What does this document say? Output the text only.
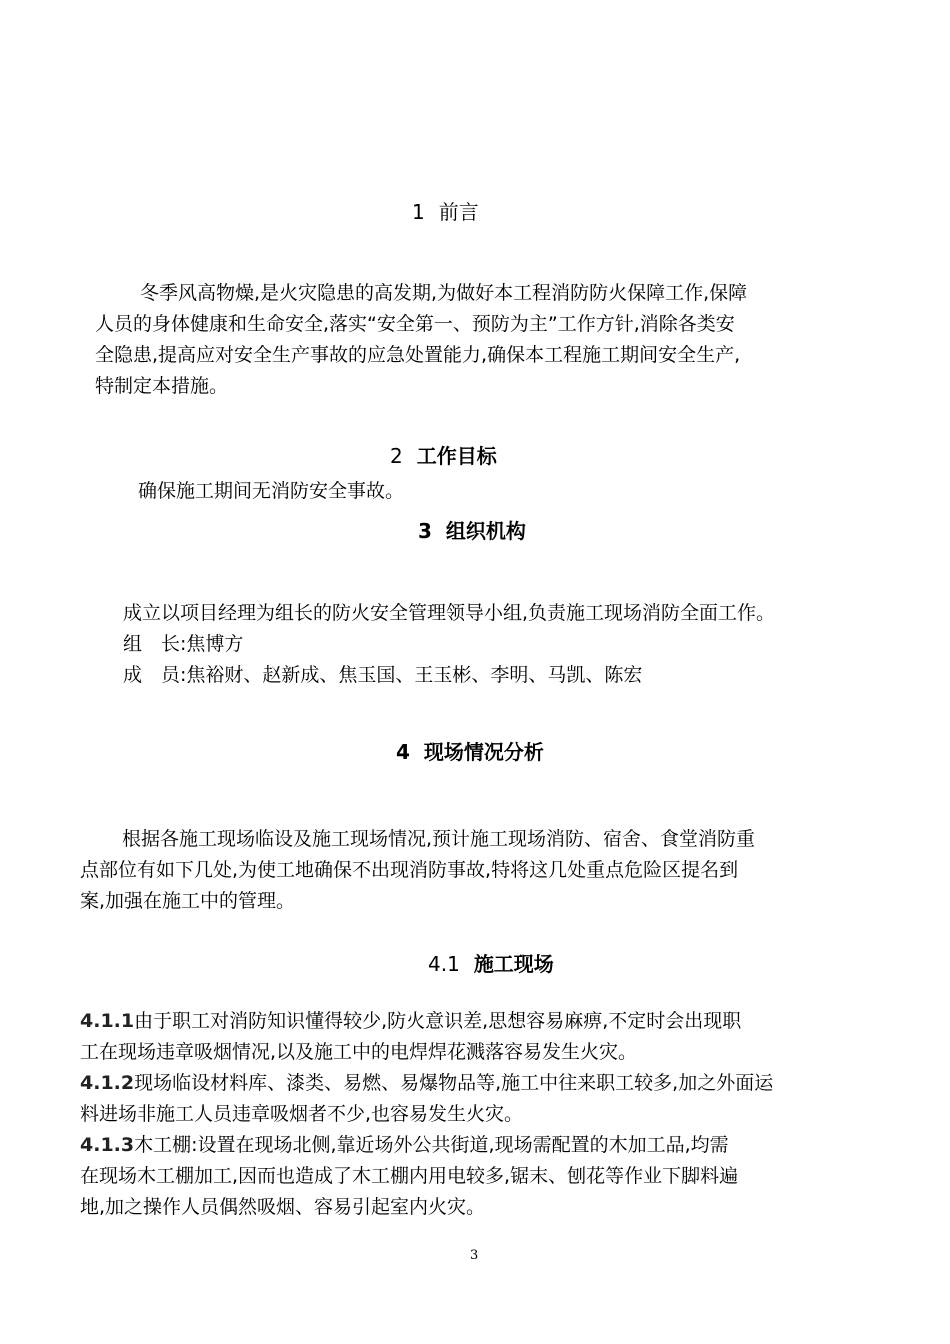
1 前言
冬季风高物燥,是火灾隐患的高发期,为做好本工程消防防火保障工作,保障
人员的身体健康和生命安全,落实“安全第一、预防为主”工作方针,消除各类安
全隐患,提高应对安全生产事故的应急处置能力,确保本工程施工期间安全生产,
特制定本措施。
2 工作目标
确保施工期间无消防安全事故。
3 组织机构
成立以项目经理为组长的防火安全管理领导小组,负责施工现场消防全面工作。
组　长:焦博方
成　员:焦裕财、赵新成、焦玉国、王玉彬、李明、马凯、陈宏
4 现场情况分析
根据各施工现场临设及施工现场情况,预计施工现场消防、宿舍、食堂消防重
点部位有如下几处,为使工地确保不出现消防事故,特将这几处重点危险区提名到
案,加强在施工中的管理。
4.1 施工现场
4.1.1由于职工对消防知识懂得较少,防火意识差,思想容易麻痹,不定时会出现职
工在现场违章吸烟情况,以及施工中的电焊焊花溅落容易发生火灾。
4.1.2现场临设材料库、漆类、易燃、易爆物品等,施工中往来职工较多,加之外面运
料进场非施工人员违章吸烟者不少,也容易发生火灾。
4.1.3木工棚:设置在现场北侧,靠近场外公共街道,现场需配置的木加工品,均需
在现场木工棚加工,因而也造成了木工棚内用电较多,锯末、刨花等作业下脚料遍
地,加之操作人员偶然吸烟、容易引起室内火灾。
3
